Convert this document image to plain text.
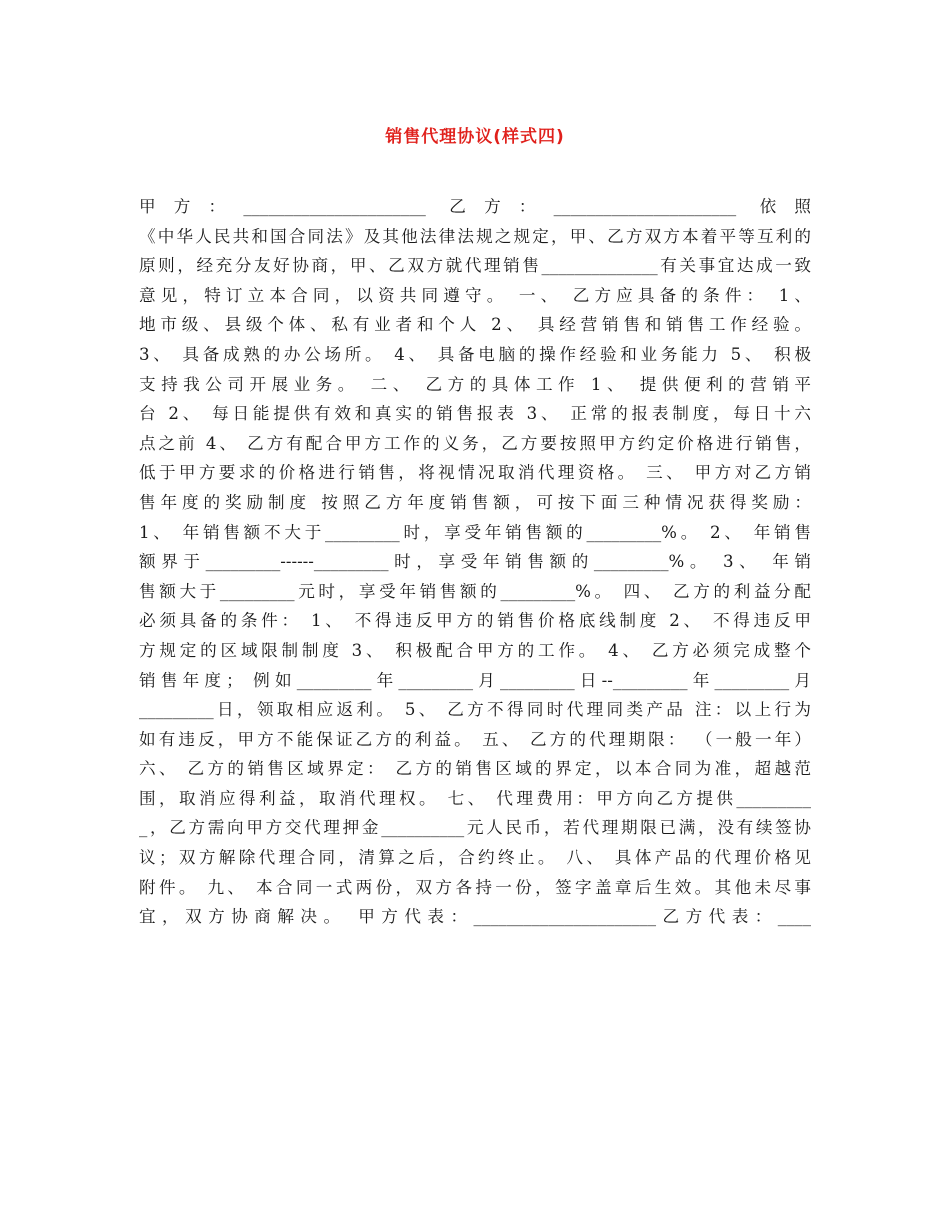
销售代理协议(样式四)
甲方：______________________ 乙方：______________________ 依照
《中华人民共和国合同法》及其他法律法规之规定，甲、乙方双方本着平等互利的
原则，经充分友好协商，甲、乙双方就代理销售______________有关事宜达成一致
意见，特订立本合同，以资共同遵守。 一、 乙方应具备的条件： 1、
地市级、县级个体、私有业者和个人 2、 具经营销售和销售工作经验。
3、 具备成熟的办公场所。 4、 具备电脑的操作经验和业务能力 5、 积极
支持我公司开展业务。 二、 乙方的具体工作 1、 提供便利的营销平
台 2、 每日能提供有效和真实的销售报表 3、 正常的报表制度，每日十六
点之前 4、 乙方有配合甲方工作的义务，乙方要按照甲方约定价格进行销售，
低于甲方要求的价格进行销售，将视情况取消代理资格。 三、 甲方对乙方销
售年度的奖励制度 按照乙方年度销售额，可按下面三种情况获得奖励：
1、 年销售额不大于_________时，享受年销售额的_________%。 2、 年销售
额界于_________------_________时，享受年销售额的_________%。 3、 年销
售额大于_________元时，享受年销售额的_________%。 四、 乙方的利益分配
必须具备的条件： 1、 不得违反甲方的销售价格底线制度 2、 不得违反甲
方规定的区域限制制度 3、 积极配合甲方的工作。 4、 乙方必须完成整个
销售年度； 例如_________年_________月_________日--_________年_________月
_________日，领取相应返利。 5、 乙方不得同时代理同类产品 注：以上行为
如有违反，甲方不能保证乙方的利益。 五、 乙方的代理期限： （一般一年）
六、 乙方的销售区域界定： 乙方的销售区域的界定，以本合同为准，超越范
围，取消应得利益，取消代理权。 七、 代理费用：甲方向乙方提供_________
_，乙方需向甲方交代理押金__________元人民币，若代理期限已满，没有续签协
议；双方解除代理合同，清算之后，合约终止。 八、 具体产品的代理价格见
附件。 九、 本合同一式两份，双方各持一份，签字盖章后生效。其他未尽事
宜，双方协商解决。 甲方代表：______________________乙方代表：____
